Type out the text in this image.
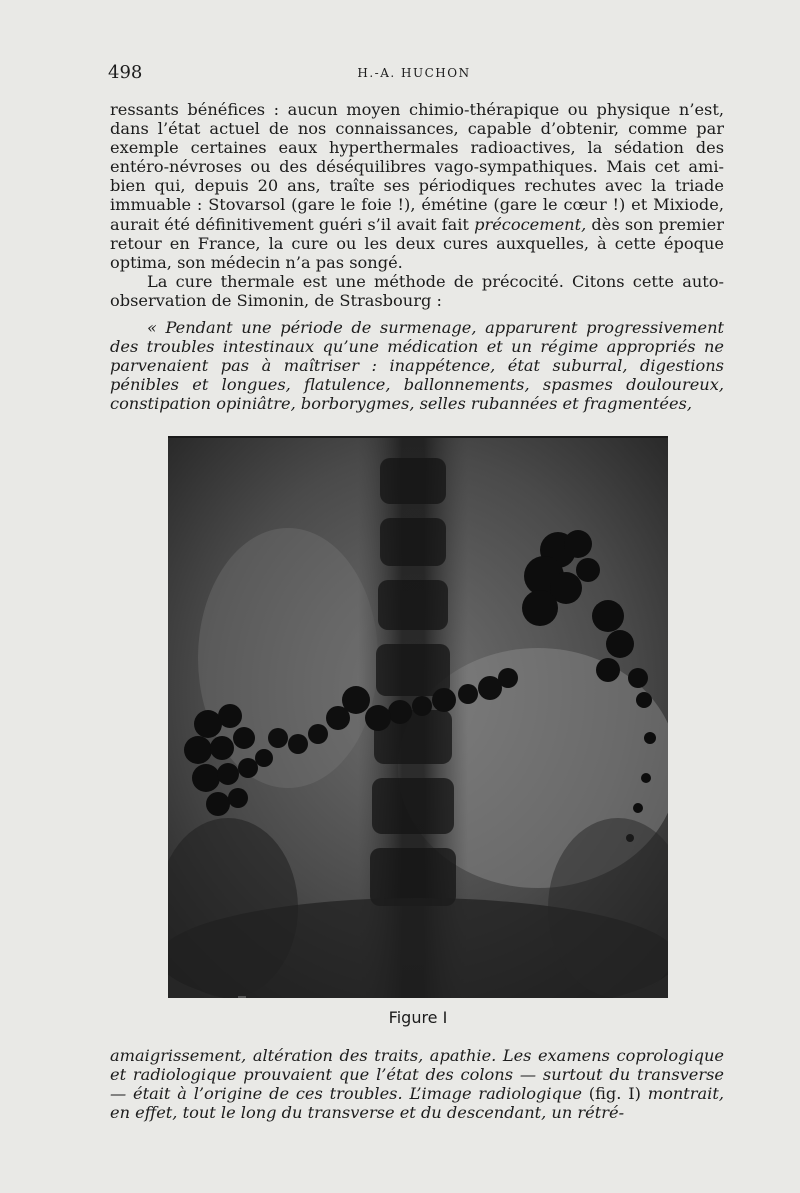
498	H.-A. HUCHON

ressants bénéfices : aucun moyen chimio-thérapique ou physique n’est, dans l’état actuel de nos connaissances, capable d’obtenir, comme par exemple certaines eaux hyperthermales radioactives, la sédation des entéro-névroses ou des déséquilibres vago-sympathiques. Mais cet ami-bien qui, depuis 20 ans, traîte ses périodiques rechutes avec la triade immuable : Stovarsol (gare le foie !), émétine (gare le cœur !) et Mixiode, aurait été définitivement guéri s’il avait fait précocement, dès son premier retour en France, la cure ou les deux cures auxquelles, à cette époque optima, son médecin n’a pas songé.

La cure thermale est une méthode de précocité. Citons cette auto-observation de Simonin, de Strasbourg :

« Pendant une période de surmenage, apparurent progressivement des troubles intestinaux qu’une médication et un régime appropriés ne parvenaient pas à maîtriser : inappétence, état suburral, digestions pénibles et longues, flatulence, ballonnements, spasmes douloureux, constipation opiniâtre, borborygmes, selles rubannées et fragmentées,

Figure I

amaigrissement, altération des traits, apathie. Les examens coprologique et radiologique prouvaient que l’état des colons — surtout du transverse — était à l’origine de ces troubles. L’image radiologique (fig. I) montrait, en effet, tout le long du transverse et du descendant, un rétré-
